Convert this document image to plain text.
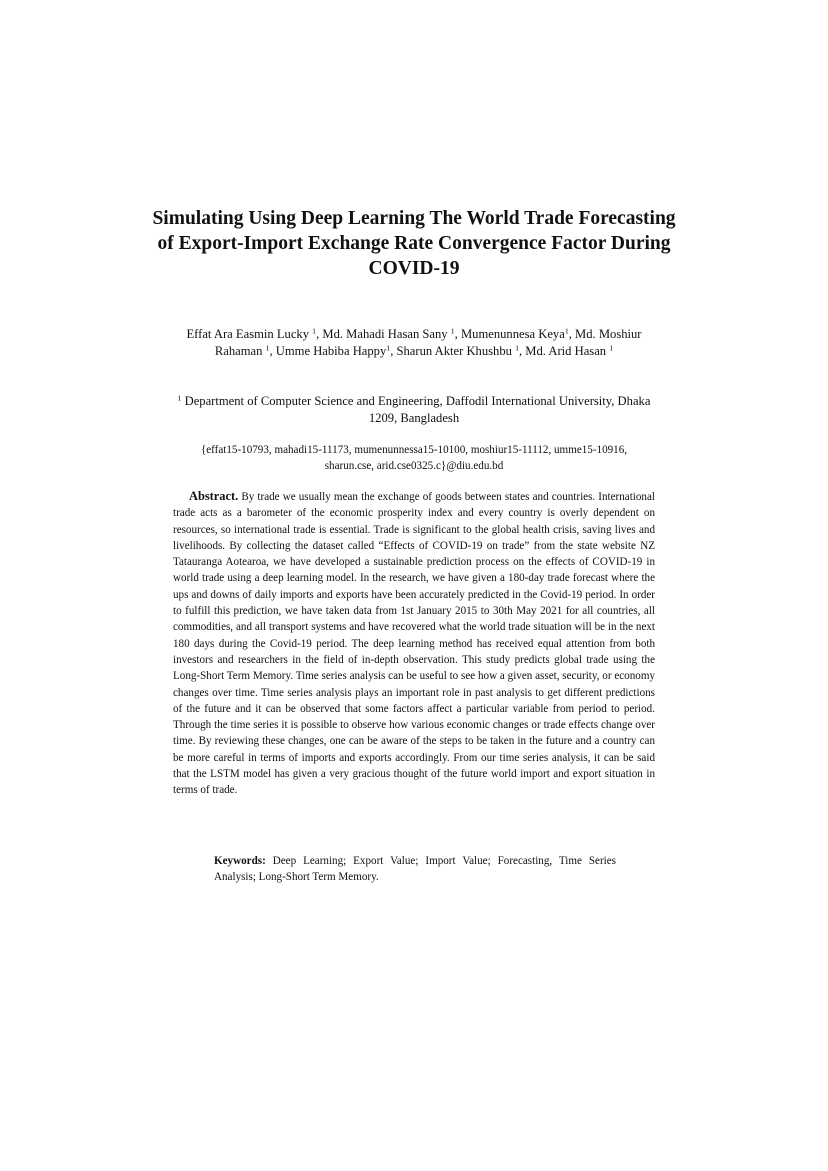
Simulating Using Deep Learning The World Trade Forecasting of Export-Import Exchange Rate Convergence Factor During COVID-19

Effat Ara Easmin Lucky $^1$, Md. Mahadi Hasan Sany $^1$, Mumenunnesa Keya$^1$, Md. Moshiur Rahaman $^1$, Umme Habiba Happy$^1$, Sharun Akter Khushbu $^1$, Md. Arid Hasan $^1$

$^1$ Department of Computer Science and Engineering, Daffodil International University, Dhaka 1209, Bangladesh

{effat15-10793, mahadi15-11173, mumenunnessa15-10100, moshiur15-11112, umme15-10916, sharun.cse, arid.cse0325.c}@diu.edu.bd

Abstract. By trade we usually mean the exchange of goods between states and countries. International trade acts as a barometer of the economic prosperity index and every country is overly dependent on resources, so international trade is essential. Trade is significant to the global health crisis, saving lives and livelihoods. By collecting the dataset called “Effects of COVID-19 on trade” from the state website NZ Tatauranga Aotearoa, we have developed a sustainable prediction process on the effects of COVID-19 in world trade using a deep learning model. In the research, we have given a 180-day trade forecast where the ups and downs of daily imports and exports have been accurately predicted in the Covid-19 period. In order to fulfill this prediction, we have taken data from 1st January 2015 to 30th May 2021 for all countries, all commodities, and all transport systems and have recovered what the world trade situation will be in the next 180 days during the Covid-19 period. The deep learning method has received equal attention from both investors and researchers in the field of in-depth observation. This study predicts global trade using the Long-Short Term Memory. Time series analysis can be useful to see how a given asset, security, or economy changes over time. Time series analysis plays an important role in past analysis to get different predictions of the future and it can be observed that some factors affect a particular variable from period to period. Through the time series it is possible to observe how various economic changes or trade effects change over time. By reviewing these changes, one can be aware of the steps to be taken in the future and a country can be more careful in terms of imports and exports accordingly. From our time series analysis, it can be said that the LSTM model has given a very gracious thought of the future world import and export situation in terms of trade.

Keywords: Deep Learning; Export Value; Import Value; Forecasting, Time Series Analysis; Long-Short Term Memory.
